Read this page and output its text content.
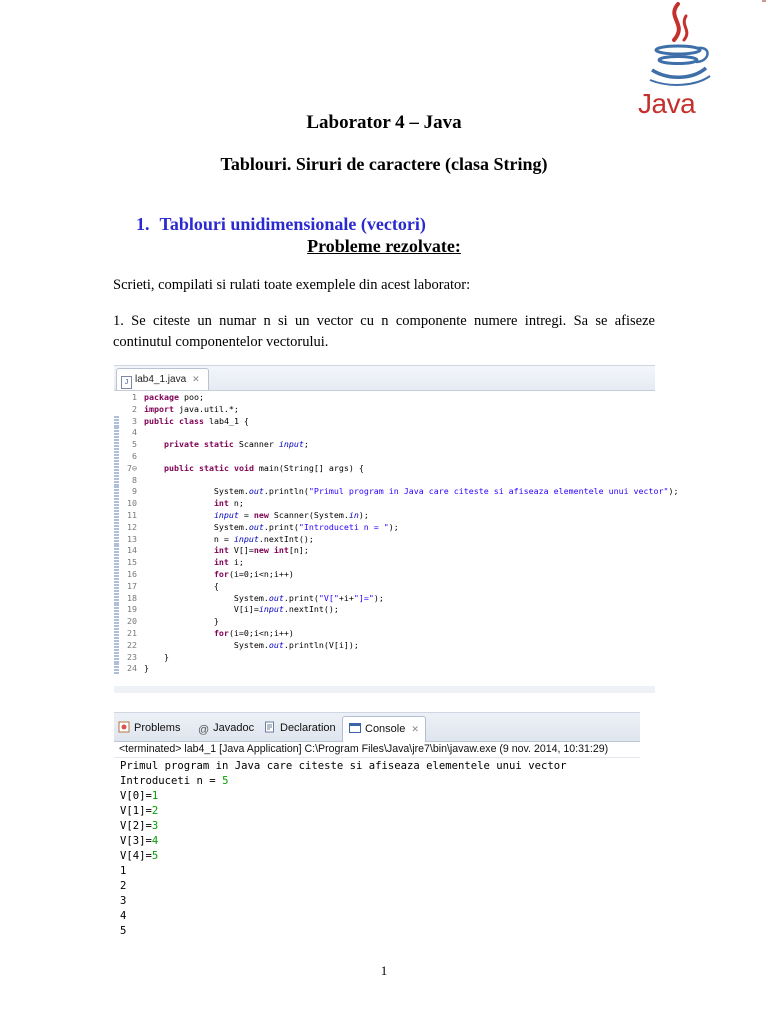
Java
Laborator 4 – Java
Tablouri. Siruri de caractere (clasa String)
1. Tablouri unidimensionale (vectori)
Probleme rezolvate:
Scrieti, compilati si rulati toate exemplele din acest laborator:
1. Se citeste un numar n si un vector cu n componente numere intregi. Sa se afiseze continutul componentelor vectorului.
J lab4_1.java ✕
1 package poo;
2 import java.util.*;
3 public class lab4_1 {
4
5	private static Scanner input;
6
7⊖	public static void main(String[] args) {
8
9 System.out.println("Primul program in Java care citeste si afiseaza elementele unui vector");
10	int n;
11	input = new Scanner(System.in);
12 System.out.print("Introduceti n = ");
13 n = input.nextInt();
14	int V[]=new int[n];
15	int i;
16	for(i=0;i<n;i++)
17 {
18 System.out.print("V["+i+"]=");
19 V[i]=input.nextInt();
20 }
21	for(i=0;i<n;i++)
22 System.out.println(V[i]);
23 }
24 }
Problems @ Javadoc	Declaration	Console ✕
<terminated> lab4_1 [Java Application] C:\Program Files\Java\jre7\bin\javaw.exe (9 nov. 2014, 10:31:29)
Primul program in Java care citeste si afiseaza elementele unui vector
Introduceti n = 5
V[0]=1
V[1]=2
V[2]=3
V[3]=4
V[4]=5
1
2
3
4
5
1
